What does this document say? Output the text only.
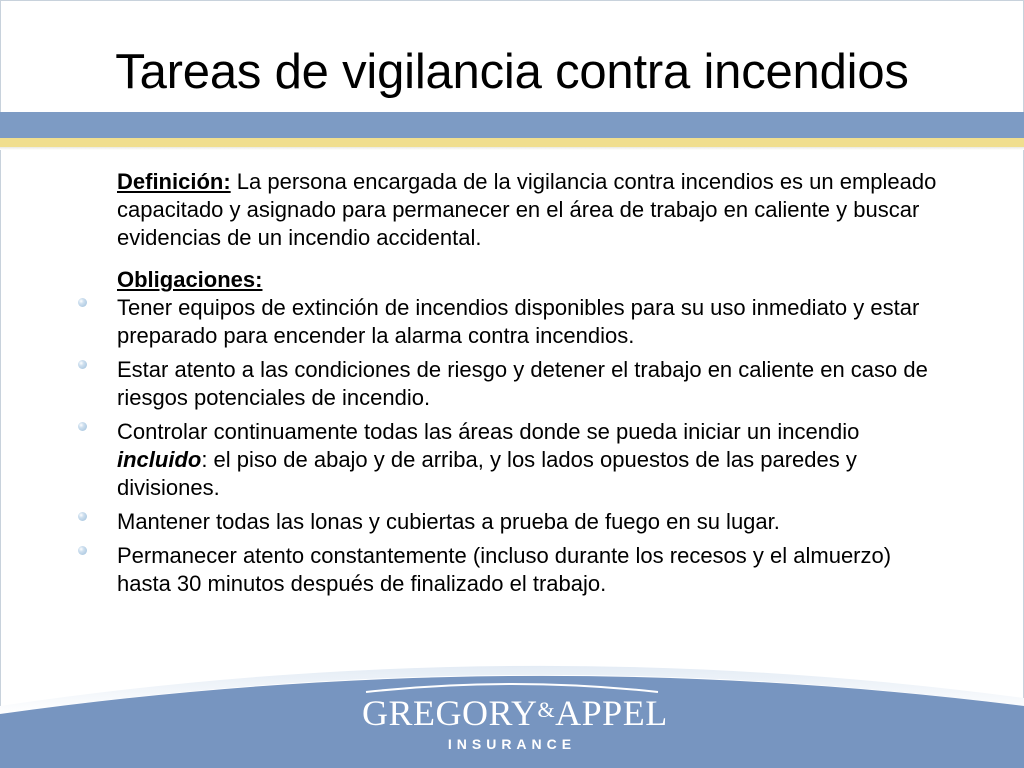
Tareas de vigilancia contra incendios

Definición: La persona encargada de la vigilancia contra incendios es un empleado capacitado y asignado para permanecer en el área de trabajo en caliente y buscar evidencias de un incendio accidental.

Obligaciones:
Tener equipos de extinción de incendios disponibles para su uso inmediato y estar preparado para encender la alarma contra incendios.
Estar atento a las condiciones de riesgo y detener el trabajo en caliente en caso de riesgos potenciales de incendio.
Controlar continuamente todas las áreas donde se pueda iniciar un incendio incluido: el piso de abajo y de arriba, y los lados opuestos de las paredes y divisiones.
Mantener todas las lonas y cubiertas a prueba de fuego en su lugar.
Permanecer atento constantemente (incluso durante los recesos y el almuerzo) hasta 30 minutos después de finalizado el trabajo.
GREGORY&APPEL
INSURANCE
